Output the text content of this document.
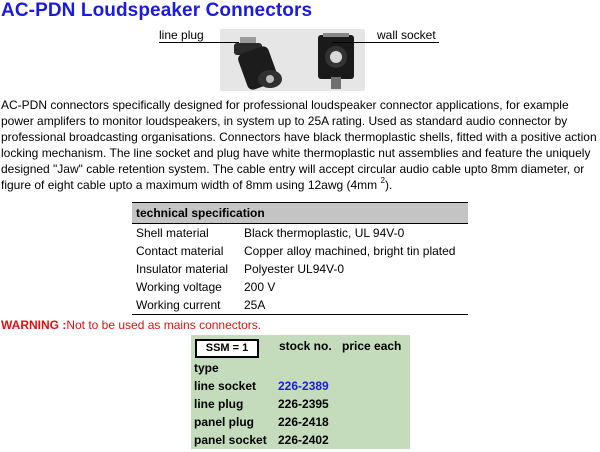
AC-PDN Loudspeaker Connectors
line plug	wall socket

AC-PDN connectors specifically designed for professional loudspeaker connector applications, for example power amplifers to monitor loudspeakers, in system up to 25A rating. Used as standard audio connector by professional broadcasting organisations. Connectors have black thermoplastic shells, fitted with a positive action locking mechanism. The line socket and plug have white thermoplastic nut assemblies and feature the uniquely designed "Jaw" cable retention system. The cable entry will accept circular audio cable upto 8mm diameter, or figure of eight cable upto a maximum width of 8mm using 12awg (4mm $^2$).

technical specification	
Shell material	Black thermoplastic, UL 94V-0
Contact material	Copper alloy machined, bright tin plated
Insulator material	Polyester UL94V-0
Working voltage	200 V
Working current	25A
WARNING :Not to be used as mains connectors.
SSM = 1	stock no. price each
type
line socket 226-2389
line plug	226-2395
panel plug 226-2418
panel socket 226-2402
